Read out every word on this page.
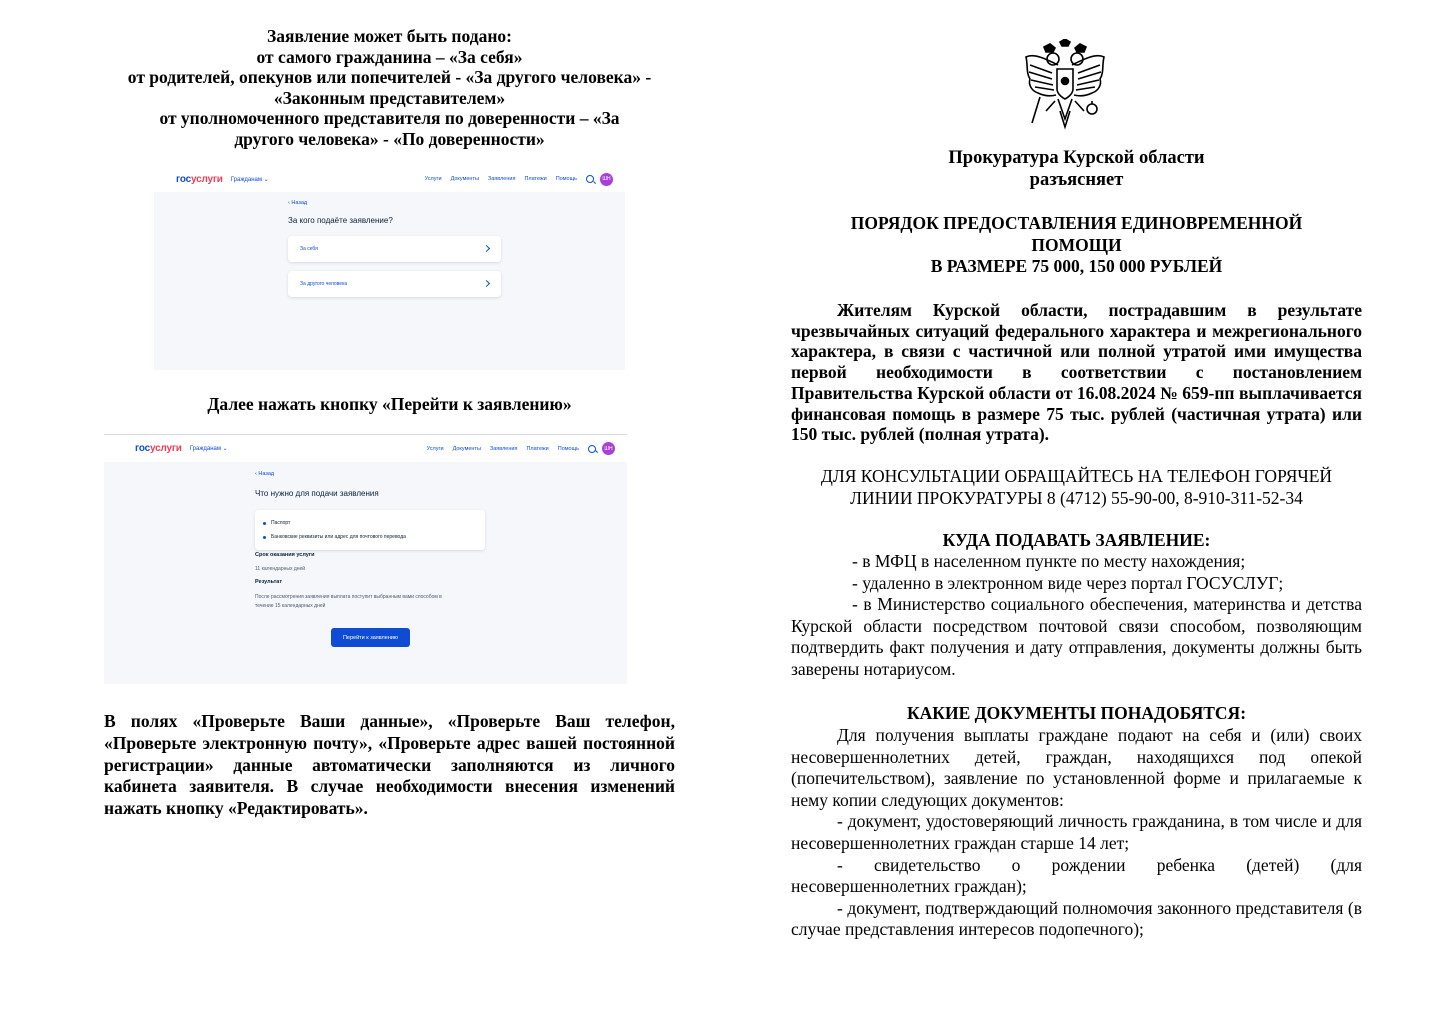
Заявление может быть подано:
от самого гражданина – «За себя»
от родителей, опекунов или попечителей - «За другого человека» -
«Законным представителем»
от уполномоченного представителя по доверенности – «За
другого человека» - «По доверенности»
госуслуги Гражданам ⌄	Услуги Документы Заявления Платежи Помощь	ШН
‹ Назад
За кого подаёте заявление?
За себя
За другого человека
Далее нажать кнопку «Перейти к заявлению»
госуслуги Гражданам ⌄	Услуги Документы Заявления Платежи Помощь	ШН
‹ Назад
Что нужно для подачи заявления
Паспорт
Банковские реквизиты или адрес для почтового перевода
Срок оказания услуги
11 календарных дней
Результат
После рассмотрения заявления выплата поступит выбранным вами способом в
течение 15 календарных дней
Перейти к заявлению
В полях «Проверьте Ваши данные», «Проверьте Ваш телефон, «Проверьте электронную почту», «Проверьте адрес вашей постоянной регистрации» данные автоматически заполняются из личного кабинета заявителя. В случае необходимости внесения изменений нажать кнопку «Редактировать».
Прокуратура Курской области
разъясняет
ПОРЯДОК ПРЕДОСТАВЛЕНИЯ ЕДИНОВРЕМЕННОЙ
ПОМОЩИ
В РАЗМЕРЕ 75 000, 150 000 РУБЛЕЙ
Жителям Курской области, пострадавшим в результате чрезвычайных ситуаций федерального характера и межрегионального характера, в связи с частичной или полной утратой ими имущества первой необходимости в соответствии с постановлением Правительства Курской области от 16.08.2024 № 659-пп выплачивается финансовая помощь в размере 75 тыс. рублей (частичная утрата) или 150 тыс. рублей (полная утрата).
ДЛЯ КОНСУЛЬТАЦИИ ОБРАЩАЙТЕСЬ НА ТЕЛЕФОН ГОРЯЧЕЙ
ЛИНИИ ПРОКУРАТУРЫ 8 (4712) 55-90-00, 8-910-311-52-34
КУДА ПОДАВАТЬ ЗАЯВЛЕНИЕ:

- в МФЦ в населенном пункте по месту нахождения;

- удаленно в электронном виде через портал ГОСУСЛУГ;

- в Министерство социального обеспечения, материнства и детства Курской области посредством почтовой связи способом, позволяющим подтвердить факт получения и дату отправления, документы должны быть заверены нотариусом.

КАКИЕ ДОКУМЕНТЫ ПОНАДОБЯТСЯ:

Для получения выплаты граждане подают на себя и (или) своих несовершеннолетних детей, граждан, находящихся под опекой (попечительством), заявление по установленной форме и прилагаемые к нему копии следующих документов:

- документ, удостоверяющий личность гражданина, в том числе и для несовершеннолетних граждан старше 14 лет;

- свидетельство о рождении ребенка (детей) (для несовершеннолетних граждан);

- документ, подтверждающий полномочия законного представителя (в случае представления интересов подопечного);
